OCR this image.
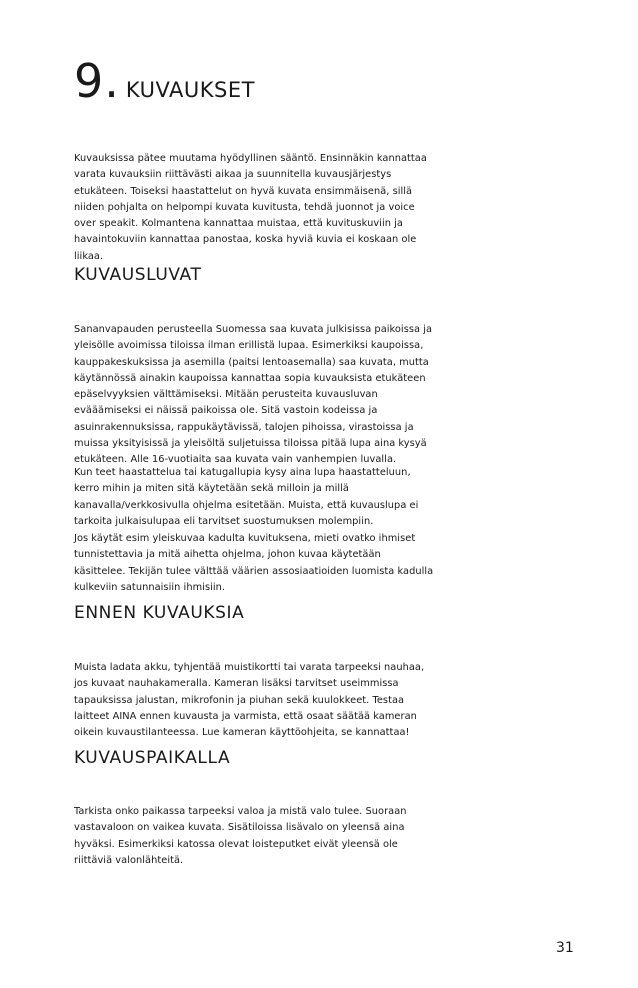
9. KUVAUKSET

Kuvauksissa pätee muutama hyödyllinen sääntö. Ensinnäkin kannattaa varata kuvauksiin riittävästi aikaa ja suunnitella kuvausjärjestys etukäteen. Toiseksi haastattelut on hyvä kuvata ensimmäisenä, sillä niiden pohjalta on helpompi kuvata kuvitusta, tehdä juonnot ja voice over speakit. Kolmantena kannattaa muistaa, että kuvituskuviin ja havaintokuviin kannattaa panostaa, koska hyviä kuvia ei koskaan ole liikaa.

KUVAUSLUVAT

Sananvapauden perusteella Suomessa saa kuvata julkisissa paikoissa ja yleisölle avoimissa tiloissa ilman erillistä lupaa. Esimerkiksi kaupoissa, kauppakeskuksissa ja asemilla (paitsi lentoasemalla) saa kuvata, mutta käytännössä ainakin kaupoissa kannattaa sopia kuvauksista etukäteen epäselvyyksien välttämiseksi. Mitään perusteita kuvausluvan evääämiseksi ei näissä paikoissa ole. Sitä vastoin kodeissa ja asuinrakennuksissa, rappukäytävissä, talojen pihoissa, virastoissa ja muissa yksityisissä ja yleisöltä suljetuissa tiloissa pitää lupa aina kysyä etukäteen. Alle 16-vuotiaita saa kuvata vain vanhempien luvalla.

Kun teet haastattelua tai katugallupia kysy aina lupa haastatteluun, kerro mihin ja miten sitä käytetään sekä milloin ja millä kanavalla/verkkosivulla ohjelma esitetään. Muista, että kuvauslupa ei tarkoita julkaisulupaa eli tarvitset suostumuksen molempiin.

Jos käytät esim yleiskuvaa kadulta kuvituksena, mieti ovatko ihmiset tunnistettavia ja mitä aihetta ohjelma, johon kuvaa käytetään käsittelee. Tekijän tulee välttää väärien assosiaatioiden luomista kadulla kulkeviin satunnaisiin ihmisiin.

ENNEN KUVAUKSIA

Muista ladata akku, tyhjentää muistikortti tai varata tarpeeksi nauhaa, jos kuvaat nauhakameralla. Kameran lisäksi tarvitset useimmissa tapauksissa jalustan, mikrofonin ja piuhan sekä kuulokkeet. Testaa laitteet AINA ennen kuvausta ja varmista, että osaat säätää kameran oikein kuvaustilanteessa. Lue kameran käyttöohjeita, se kannattaa!

KUVAUSPAIKALLA

Tarkista onko paikassa tarpeeksi valoa ja mistä valo tulee. Suoraan vastavaloon on vaikea kuvata. Sisätiloissa lisävalo on yleensä aina hyväksi. Esimerkiksi katossa olevat loisteputket eivät yleensä ole riittäviä valonlähteitä.

31
